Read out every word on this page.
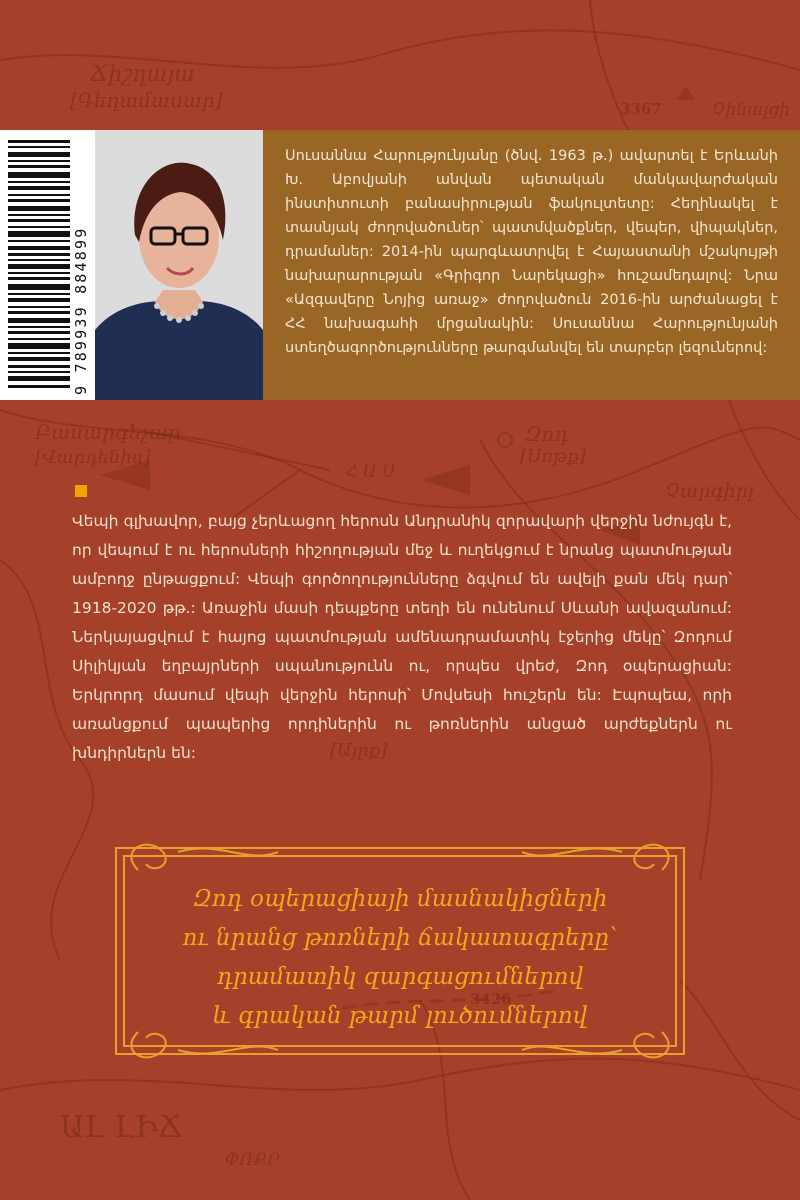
Ճիշղայա
[Գեղամասար]	3367	Չինալցի
Բասարգեչար
[Վարդենիս]
Զոդ
[Սոթք]
Հ Ա Ս
Չարգիրլ
[Այրք]
3426
ԱԼ ԼԻՃ
ՓՈՔՐ
9 789939 884899

Սուսաննա Հարությունյանը (ծնվ. 1963 թ.) ավարտել է Երևանի Խ. Աբովյանի անվան պետական մանկավարժական ինստիտուտի բանասիրության ֆակուլտետը: Հեղինակել է տասնյակ ժողովածուներ՝ պատմվածքներ, վեպեր, վիպակներ, դրամաներ: 2014-ին պարգևատրվել է Հայաստանի մշակույթի նախարարության «Գրիգոր Նարեկացի» հուշամեդալով: Նրա «Ազգավերը Նոյից առաջ» ժողովածուն 2016-ին արժանացել է ՀՀ նախագահի մրցանակին: Սուսաննա Հարությունյանի ստեղծագործությունները թարգմանվել են տարբեր լեզուներով:

Վեպի գլխավոր, բայց չերևացող հերոսն Անդրանիկ զորավարի վերջին նժույգն է, որ վեպում է ու հերոսների հիշողության մեջ և ուղեկցում է նրանց պատմության ամբողջ ընթացքում: Վեպի գործողությունները ձգվում են ավելի քան մեկ դար՝ 1918-2020 թթ.: Առաջին մասի դեպքերը տեղի են ունենում Սևանի ավազանում: Ներկայացվում է հայոց պատմության ամենադրամատիկ էջերից մեկը՝ Զոդում Սիլիկյան եղբայրների սպանությունն ու, որպես վրեժ, Զոդ օպերացիան: Երկրորդ մասում վեպի վերջին հերոսի՝ Մովսեսի հուշերն են: Էպոպեա, որի առանցքում պապերից որդիներին ու թոռներին անցած արժեքներն ու խնդիրներն են:

Զոդ օպերացիայի մասնակիցների
ու նրանց թոռների ճակատագրերը՝
դրամատիկ զարգացումներով
և գրական թարմ լուծումներով
